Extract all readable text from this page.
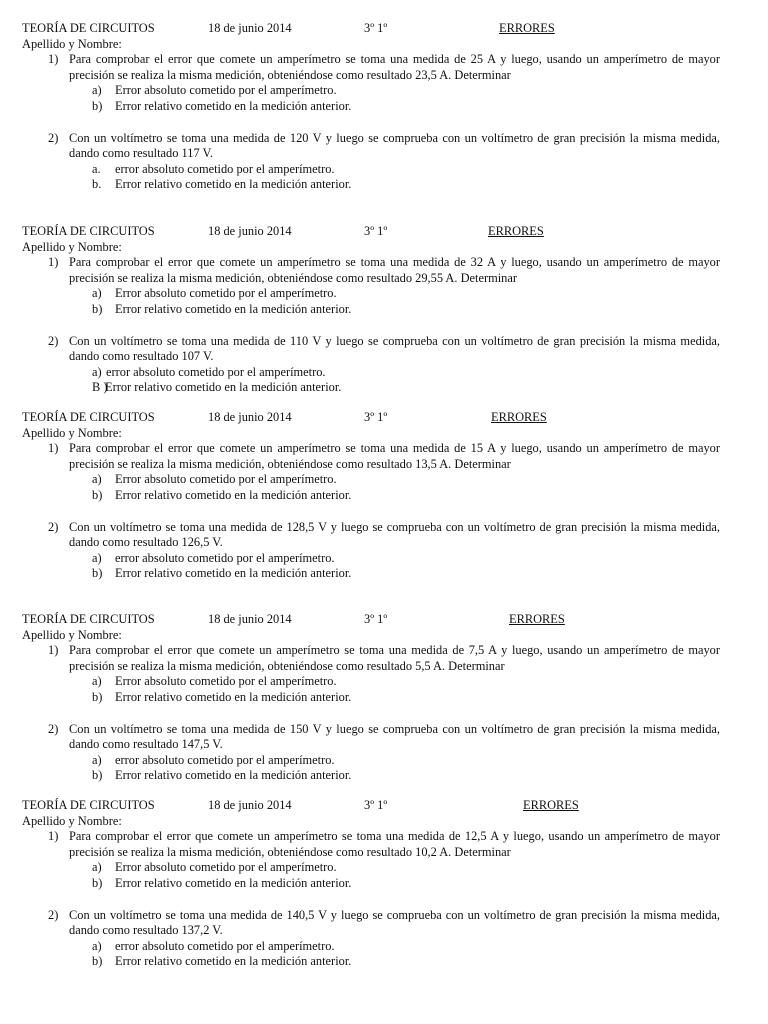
TEORÍA DE CIRCUITOS	18 de junio 2014	3º 1º	ERRORES
Apellido y Nombre:
1) Para comprobar el error que comete un amperímetro se toma una medida de 25 A y luego, usando un amperímetro de mayor precisión se realiza la misma medición, obteniéndose como resultado 23,5 A. Determinar
a) Error absoluto cometido por el amperímetro.
b) Error relativo cometido en la medición anterior.
2) Con un voltímetro se toma una medida de 120 V y luego se comprueba con un voltímetro de gran precisión la misma medida, dando como resultado 117 V.
a. error absoluto cometido por el amperímetro.
b. Error relativo cometido en la medición anterior.
TEORÍA DE CIRCUITOS	18 de junio 2014	3º 1º	ERRORES
Apellido y Nombre:
1) Para comprobar el error que comete un amperímetro se toma una medida de 32 A y luego, usando un amperímetro de mayor precisión se realiza la misma medición, obteniéndose como resultado 29,55 A. Determinar
a) Error absoluto cometido por el amperímetro.
b) Error relativo cometido en la medición anterior.
2) Con un voltímetro se toma una medida de 110 V y luego se comprueba con un voltímetro de gran precisión la misma medida, dando como resultado 107 V.
a) error absoluto cometido por el amperímetro.
B )
Error relativo cometido en la medición anterior.
TEORÍA DE CIRCUITOS	18 de junio 2014	3º 1º	ERRORES
Apellido y Nombre:
1) Para comprobar el error que comete un amperímetro se toma una medida de 15 A y luego, usando un amperímetro de mayor precisión se realiza la misma medición, obteniéndose como resultado 13,5 A. Determinar
a) Error absoluto cometido por el amperímetro.
b) Error relativo cometido en la medición anterior.
2) Con un voltímetro se toma una medida de 128,5 V y luego se comprueba con un voltímetro de gran precisión la misma medida, dando como resultado 126,5 V.
a) error absoluto cometido por el amperímetro.
b) Error relativo cometido en la medición anterior.
TEORÍA DE CIRCUITOS	18 de junio 2014	3º 1º	ERRORES
Apellido y Nombre:
1) Para comprobar el error que comete un amperímetro se toma una medida de 7,5 A y luego, usando un amperímetro de mayor precisión se realiza la misma medición, obteniéndose como resultado 5,5 A. Determinar
a) Error absoluto cometido por el amperímetro.
b) Error relativo cometido en la medición anterior.
2) Con un voltímetro se toma una medida de 150 V y luego se comprueba con un voltímetro de gran precisión la misma medida, dando como resultado 147,5 V.
a) error absoluto cometido por el amperímetro.
b) Error relativo cometido en la medición anterior.
TEORÍA DE CIRCUITOS	18 de junio 2014	3º 1º	ERRORES
Apellido y Nombre:
1) Para comprobar el error que comete un amperímetro se toma una medida de 12,5 A y luego, usando un amperímetro de mayor precisión se realiza la misma medición, obteniéndose como resultado 10,2 A. Determinar
a) Error absoluto cometido por el amperímetro.
b) Error relativo cometido en la medición anterior.
2) Con un voltímetro se toma una medida de 140,5 V y luego se comprueba con un voltímetro de gran precisión la misma medida, dando como resultado 137,2 V.
a) error absoluto cometido por el amperímetro.
b) Error relativo cometido en la medición anterior.
